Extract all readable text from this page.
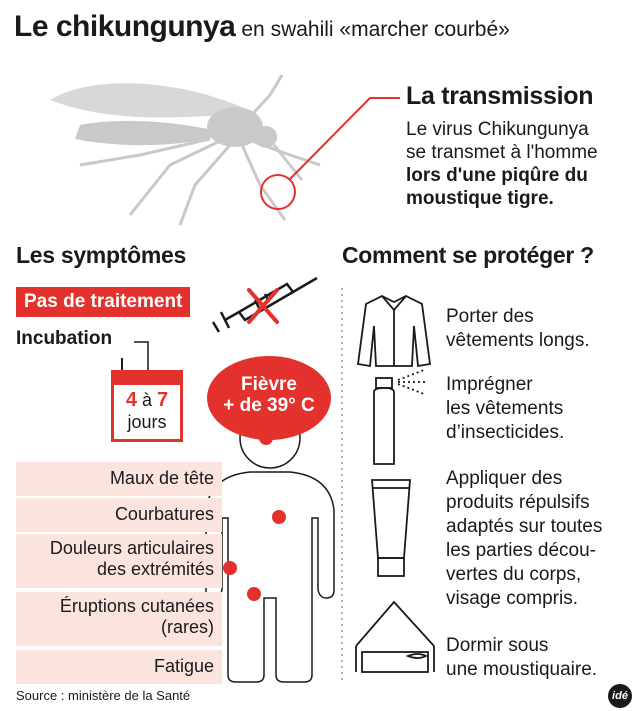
Le chikungunya en swahili «marcher courbé»
La transmission
Le virus Chikungunya
se transmet à l'homme
lors d'une piqûre du
moustique tigre.
Les symptômes	Comment se protéger ?
Pas de traitement
Incubation
4 à 7
jours
Fièvre
+ de 39° C
Maux de tête
Courbatures
Douleurs articulaires
des extrémités
Éruptions cutanées
(rares)
Fatigue
Porter des
vêtements longs.
Imprégner
les vêtements
d’insecticides.
Appliquer des
produits répulsifs
adaptés sur toutes
les parties décou-
vertes du corps,
visage compris.
Dormir sous
une moustiquaire.
Source : ministère de la Santé	idé
